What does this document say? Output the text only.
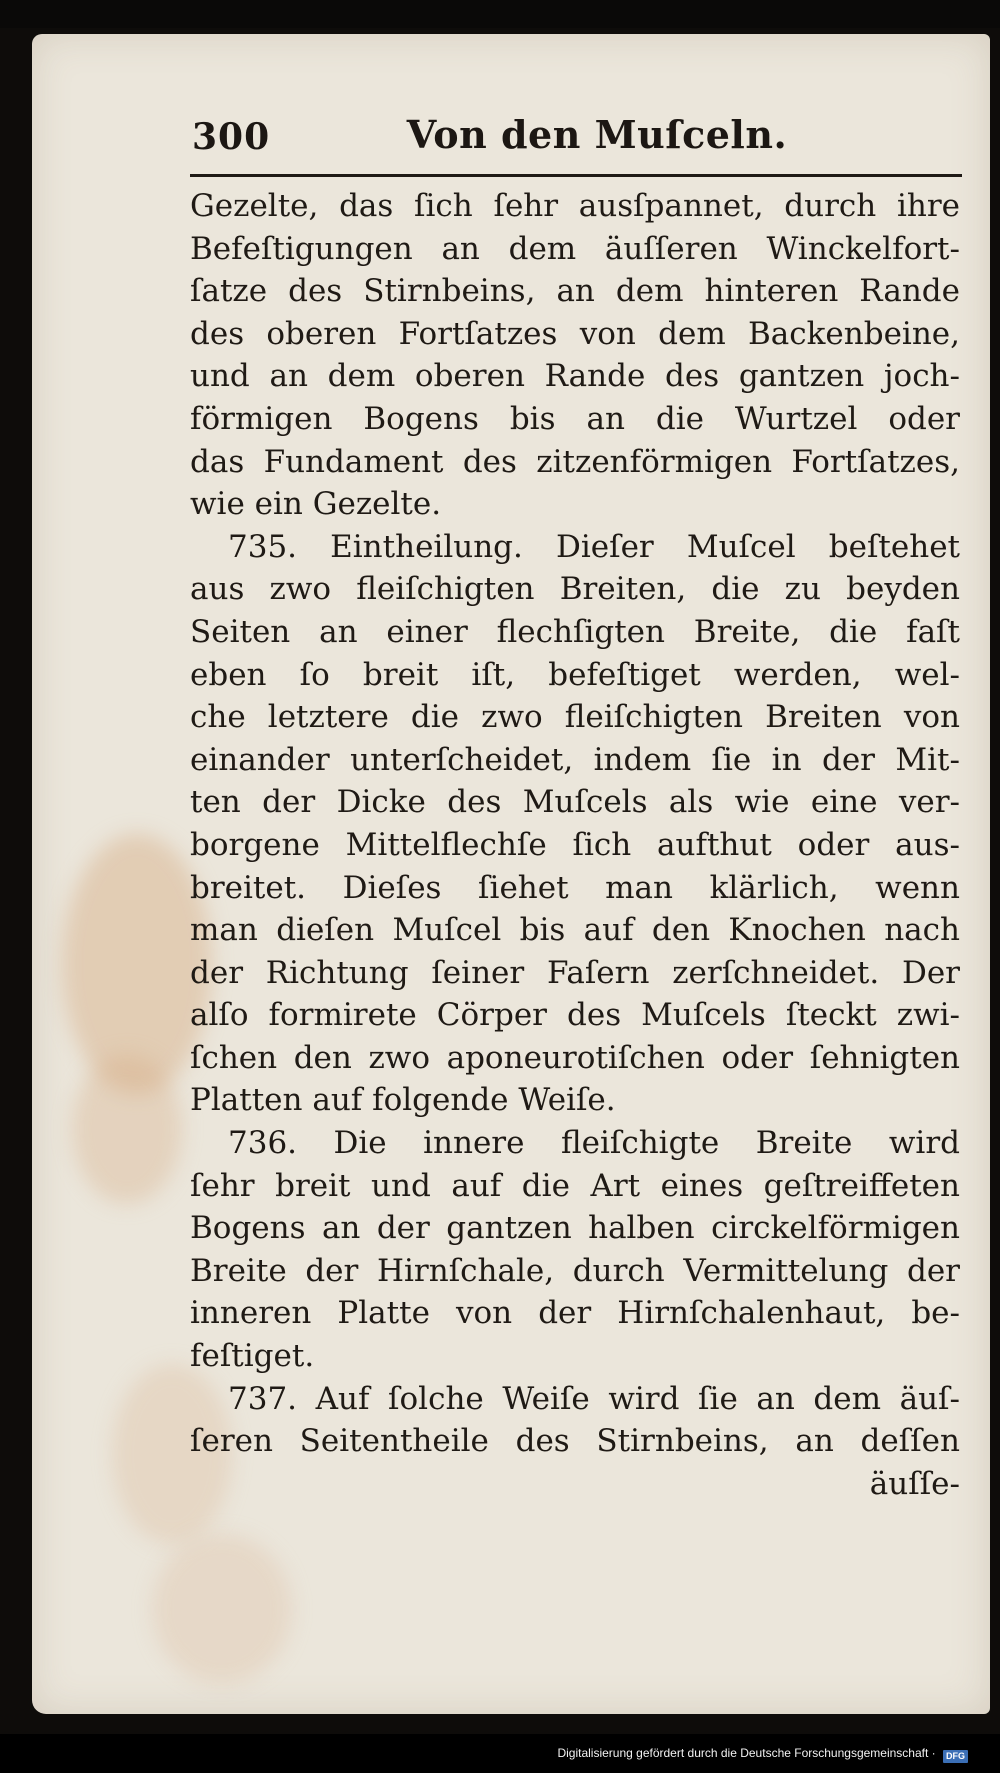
300	Von den Muſceln.
Gezelte, das ſich ſehr ausſpannet, durch ihre
Befeſtigungen an dem äuſſeren Winckelfort-
ſatze des Stirnbeins, an dem hinteren Rande
des oberen Fortſatzes von dem Backenbeine,
und an dem oberen Rande des gantzen joch-
förmigen Bogens bis an die Wurtzel oder
das Fundament des zitzenförmigen Fortſatzes,
wie ein Gezelte.
735. Eintheilung. Dieſer Muſcel beſtehet
aus zwo fleiſchigten Breiten, die zu beyden
Seiten an einer flechſigten Breite, die faſt
eben ſo breit iſt, befeſtiget werden, wel-
che letztere die zwo fleiſchigten Breiten von
einander unterſcheidet, indem ſie in der Mit-
ten der Dicke des Muſcels als wie eine ver-
borgene Mittelflechſe ſich aufthut oder aus-
breitet. Dieſes ſiehet man klärlich, wenn
man dieſen Muſcel bis auf den Knochen nach
der Richtung ſeiner Faſern zerſchneidet. Der
alſo formirete Cörper des Muſcels ſteckt zwi-
ſchen den zwo aponeurotiſchen oder ſehnigten
Platten auf folgende Weiſe.
736. Die innere fleiſchigte Breite wird
ſehr breit und auf die Art eines geſtreiffeten
Bogens an der gantzen halben circkelförmigen
Breite der Hirnſchale, durch Vermittelung der
inneren Platte von der Hirnſchalenhaut, be-
feſtiget.
737. Auf ſolche Weiſe wird ſie an dem äuſ-
ſeren Seitentheile des Stirnbeins, an deſſen
äuſſe-
Digitalisierung gefördert durch die Deutsche Forschungsgemeinschaft · DFG
